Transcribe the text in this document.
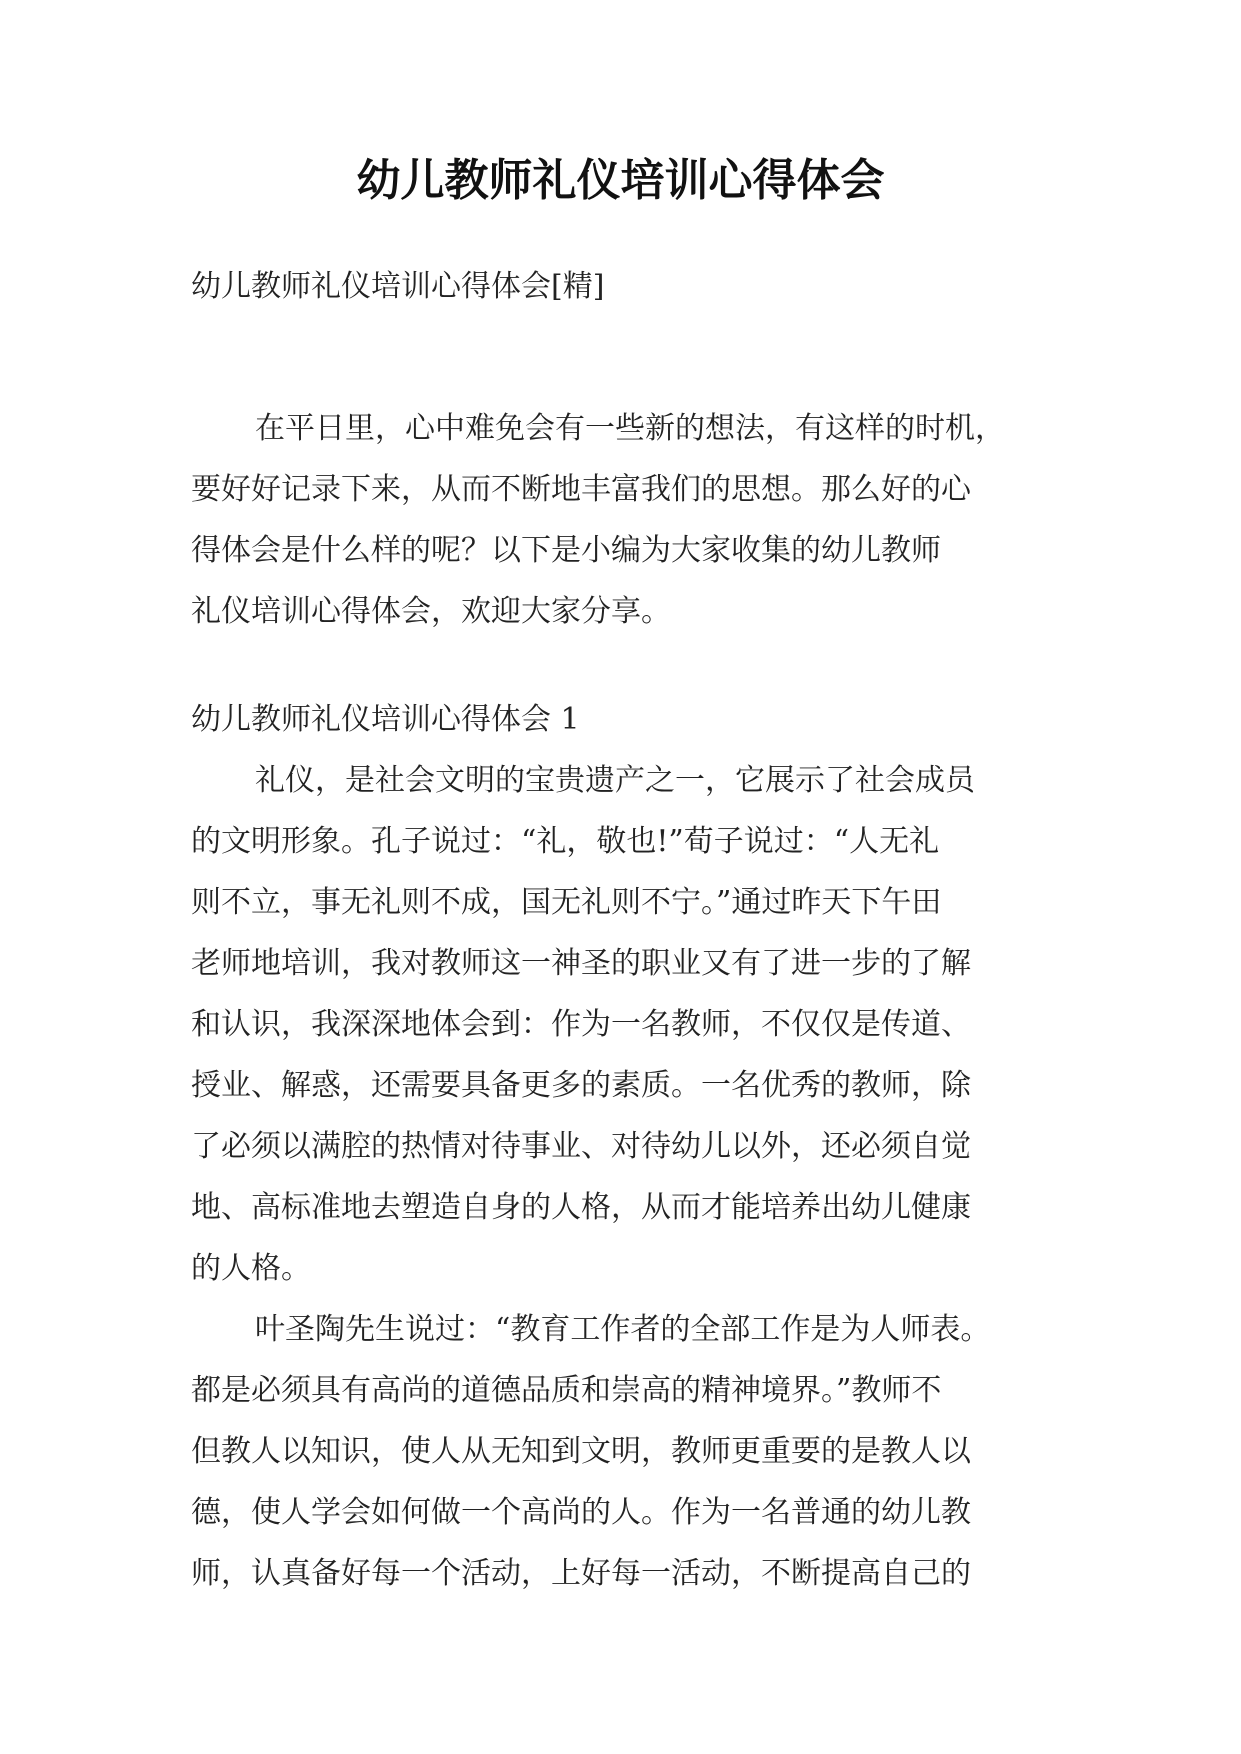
幼儿教师礼仪培训心得体会
幼儿教师礼仪培训心得体会[精]
在平日里，心中难免会有一些新的想法，有这样的时机，
要好好记录下来，从而不断地丰富我们的思想。那么好的心
得体会是什么样的呢？以下是小编为大家收集的幼儿教师
礼仪培训心得体会，欢迎大家分享。
幼儿教师礼仪培训心得体会 1
礼仪，是社会文明的宝贵遗产之一，它展示了社会成员
的文明形象。孔子说过：“礼，敬也!”荀子说过：“人无礼
则不立，事无礼则不成，国无礼则不宁。”通过昨天下午田
老师地培训，我对教师这一神圣的职业又有了进一步的了解
和认识，我深深地体会到：作为一名教师，不仅仅是传道、
授业、解惑，还需要具备更多的素质。一名优秀的教师，除
了必须以满腔的热情对待事业、对待幼儿以外，还必须自觉
地、高标准地去塑造自身的人格，从而才能培养出幼儿健康
的人格。
叶圣陶先生说过：“教育工作者的全部工作是为人师表。
都是必须具有高尚的道德品质和崇高的精神境界。”教师不
但教人以知识，使人从无知到文明，教师更重要的是教人以
德，使人学会如何做一个高尚的人。作为一名普通的幼儿教
师，认真备好每一个活动，上好每一活动，不断提高自己的
